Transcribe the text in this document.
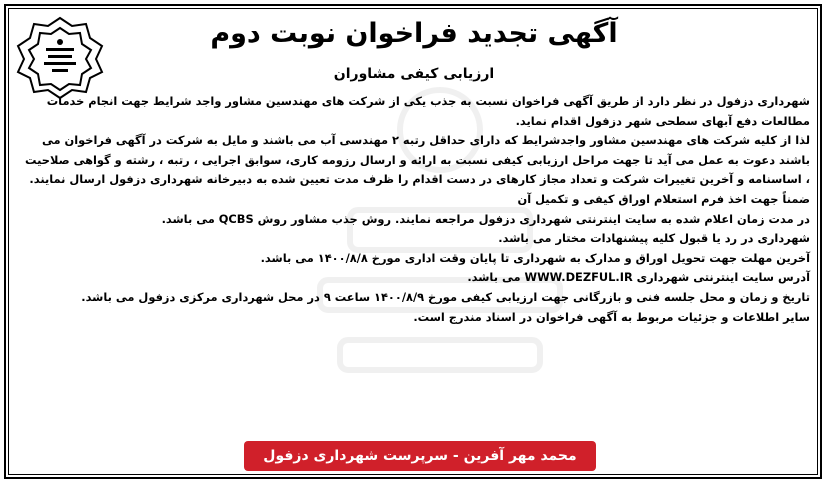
آگهی تجدید فراخوان نوبت دوم
ارزیابی کیفی مشاوران

شهرداری دزفول در نظر دارد از طریق آگهی فراخوان نسبت به جذب یکی از شرکت های مهندسین مشاور واجد شرایط جهت انجام خدمات مطالعات دفع آبهای سطحی شهر دزفول اقدام نماید.

لذا از کلیه شرکت های مهندسین مشاور واجدشرایط که دارای حداقل رتبه ۲ مهندسی آب می باشند و مایل به شرکت در آگهی فراخوان می باشند دعوت به عمل می آید تا جهت مراحل ارزیابی کیفی نسبت به ارائه و ارسال رزومه کاری، سوابق اجرایی ، رتبه ، رشته و گواهی صلاحیت ، اساسنامه و آخرین تغییرات شرکت و تعداد مجاز کارهای در دست اقدام را ظرف مدت تعیین شده به دبیرخانه شهرداری دزفول ارسال نمایند. ضمناً جهت اخذ فرم استعلام اوراق کیفی و تکمیل آن

در مدت زمان اعلام شده به سایت اینترنتی شهرداری دزفول مراجعه نمایند. روش جذب مشاور روش QCBS می باشد.

شهرداری در رد یا قبول کلیه پیشنهادات مختار می باشد.

آخرین مهلت جهت تحویل اوراق و مدارک به شهرداری تا پایان وقت اداری مورخ ۱۴۰۰/۸/۸ می باشد.

آدرس سایت اینترنتی شهرداری WWW.DEZFUL.IR می باشد.

تاریخ و زمان و محل جلسه فنی و بازرگانی جهت ارزیابی کیفی مورخ ۱۴۰۰/۸/۹ ساعت ۹ در محل شهرداری مرکزی دزفول می باشد.

سایر اطلاعات و جزئیات مربوط به آگهی فراخوان در اسناد مندرج است.

محمد مهر آفرین - سرپرست شهرداری دزفول
